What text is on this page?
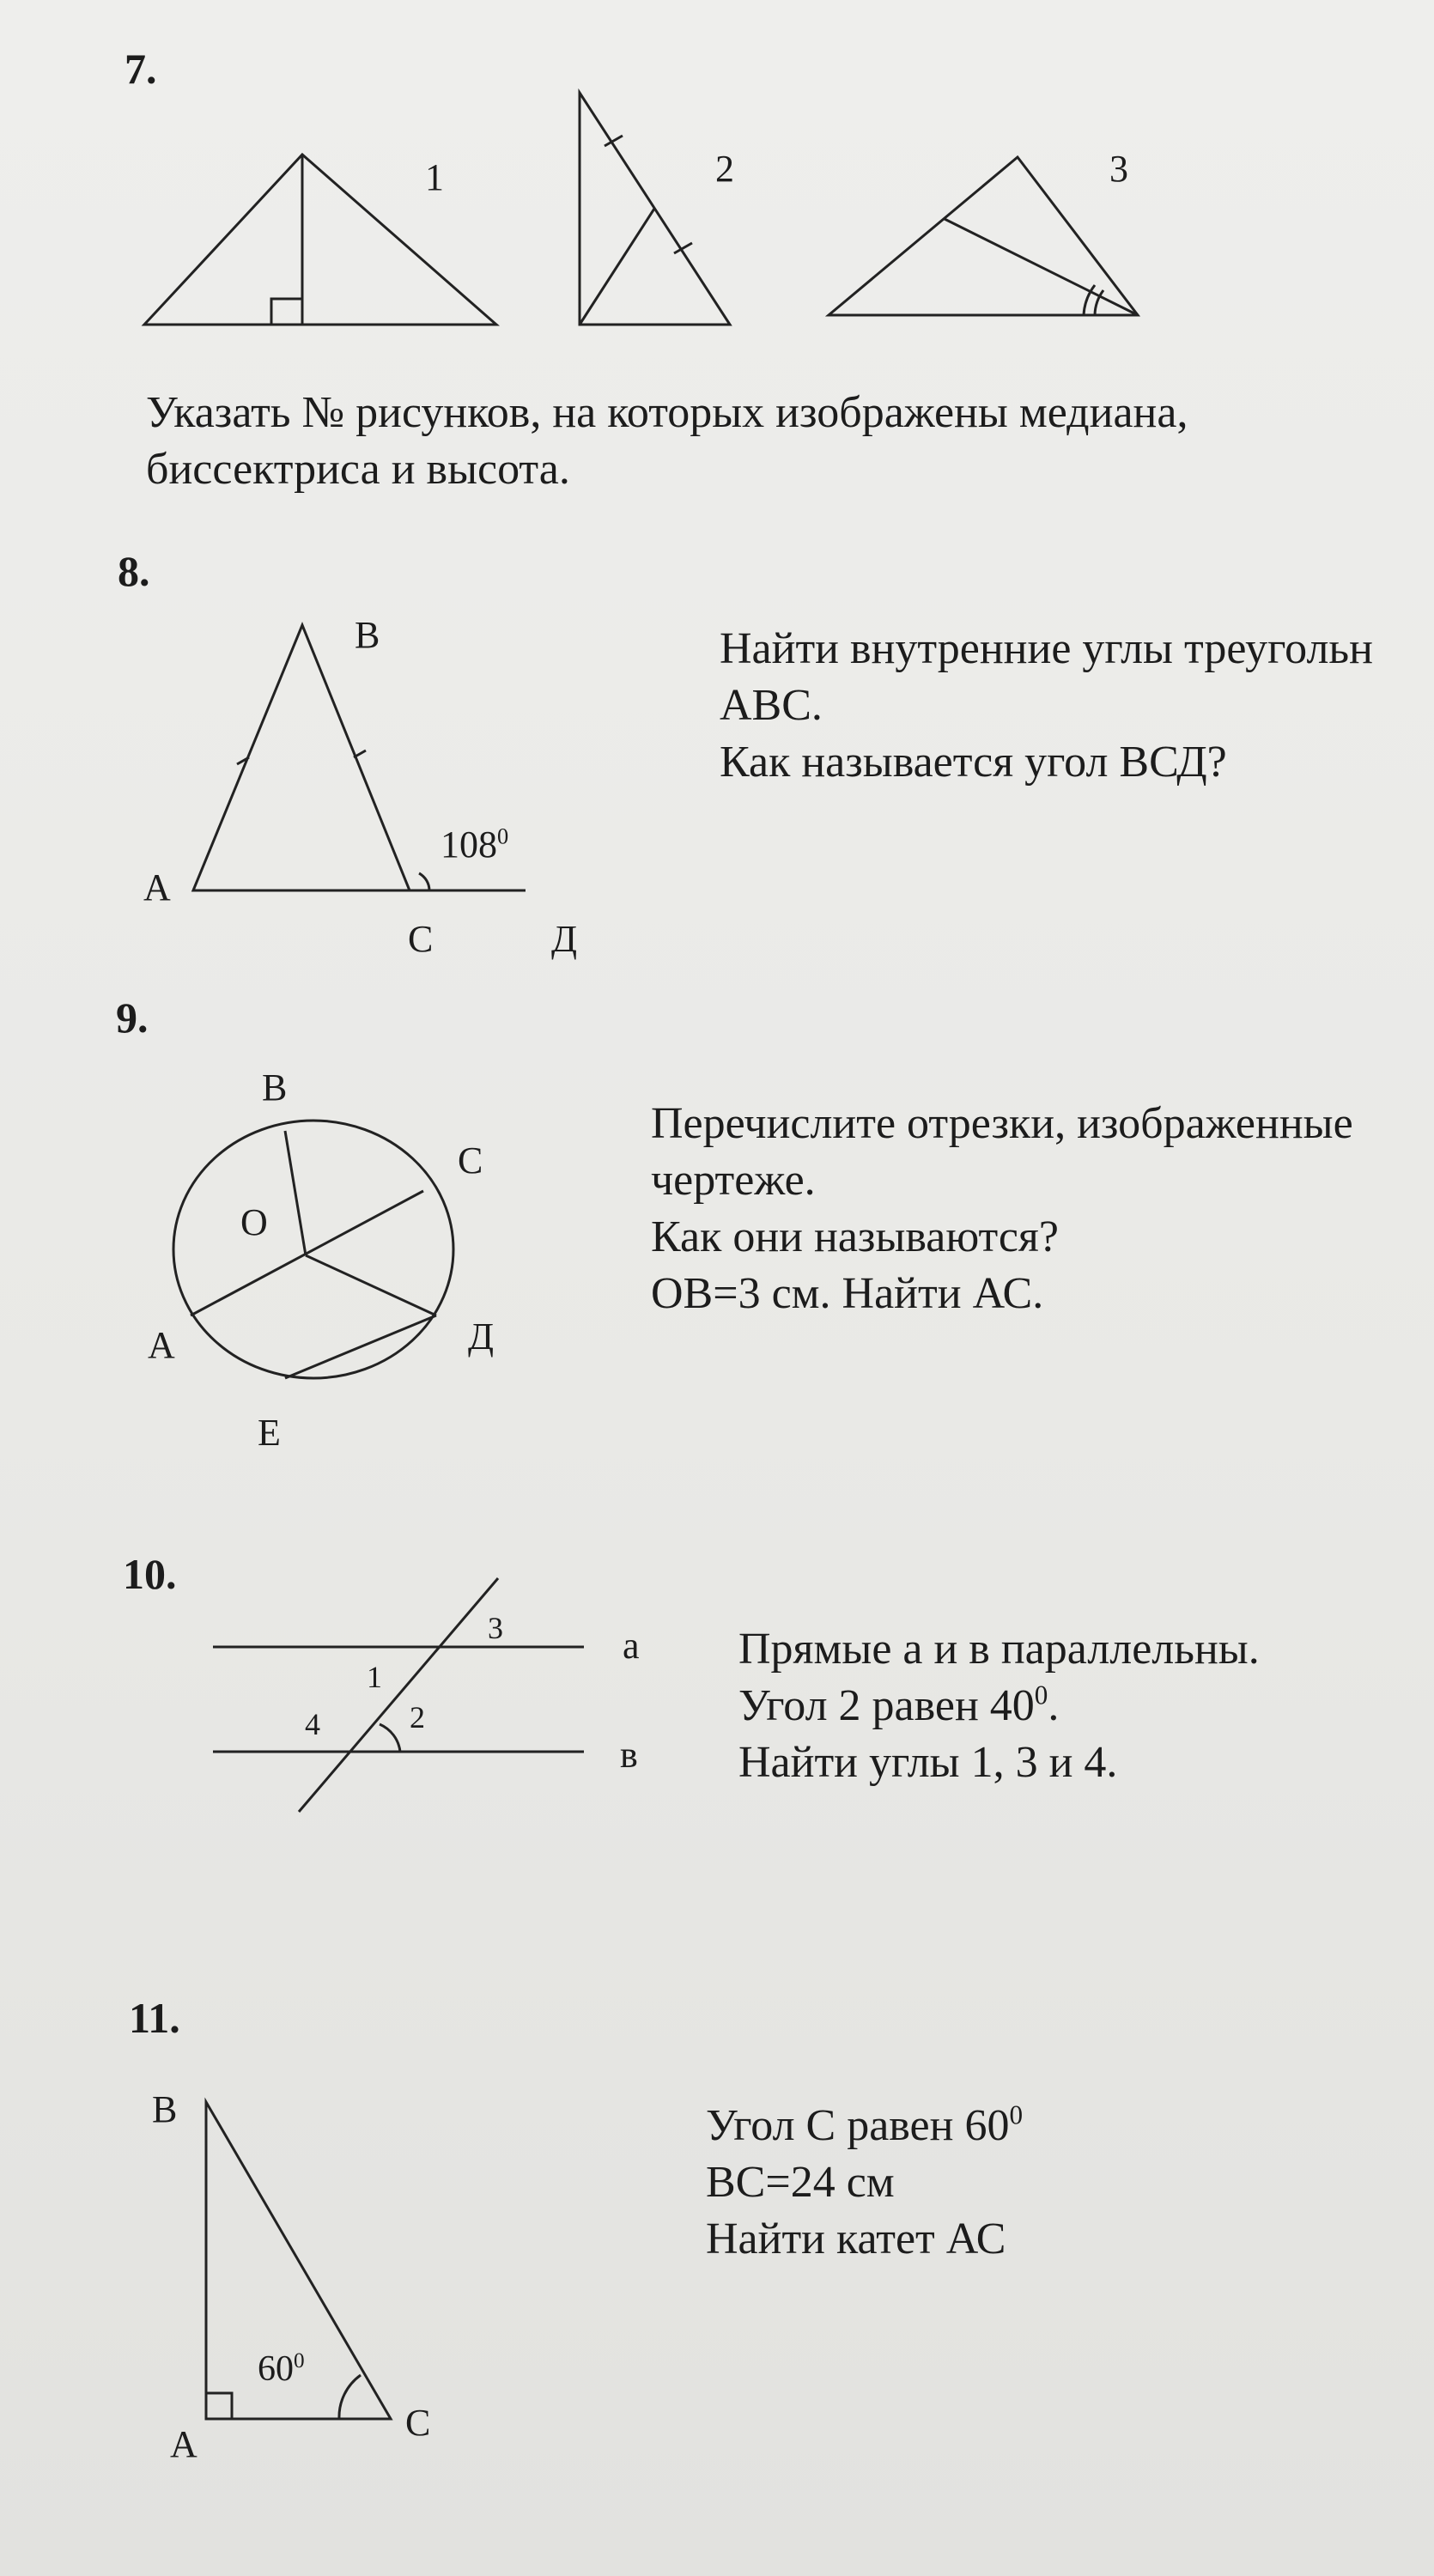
7.
1	2	3
Указать № рисунков, на которых изображены медиана,
биссектриса и высота.
8.
В
А
С	Д
$108^0$
Найти внутренние углы треугольн
АВС.
Как называется угол ВСД?
9.
В
С
О
А	Д
Е
Перечислите отрезки, изображенные
чертеже.
Как они называются?
ОВ=3 см. Найти АС.
10.
а
в
3
1
2
4
Прямые а и в параллельны.
Угол 2 равен $40^0$.
Найти углы 1, 3 и 4.
11.
В
А
С
$60^0$
Угол С равен $60^0$
ВС=24 см
Найти катет АС
